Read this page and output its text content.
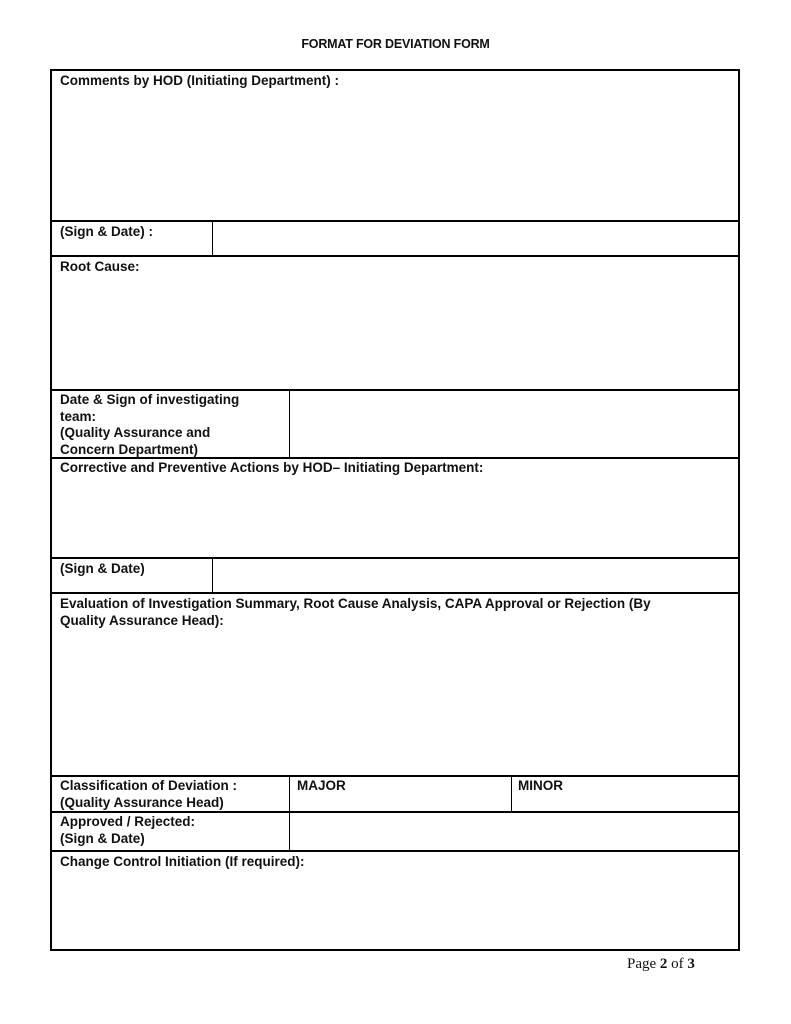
FORMAT FOR DEVIATION FORM
Comments by HOD (Initiating Department) :
(Sign & Date) :
Root Cause:
Date & Sign of investigating
team:
(Quality Assurance and
Concern Department)
Corrective and Preventive Actions by HOD– Initiating Department:
(Sign & Date)
Evaluation of Investigation Summary, Root Cause Analysis, CAPA Approval or Rejection (By
Quality Assurance Head):
Classification of Deviation :
(Quality Assurance Head)
MAJOR	MINOR
Approved / Rejected:
(Sign & Date)
Change Control Initiation (If required):
Page 2 of 3
